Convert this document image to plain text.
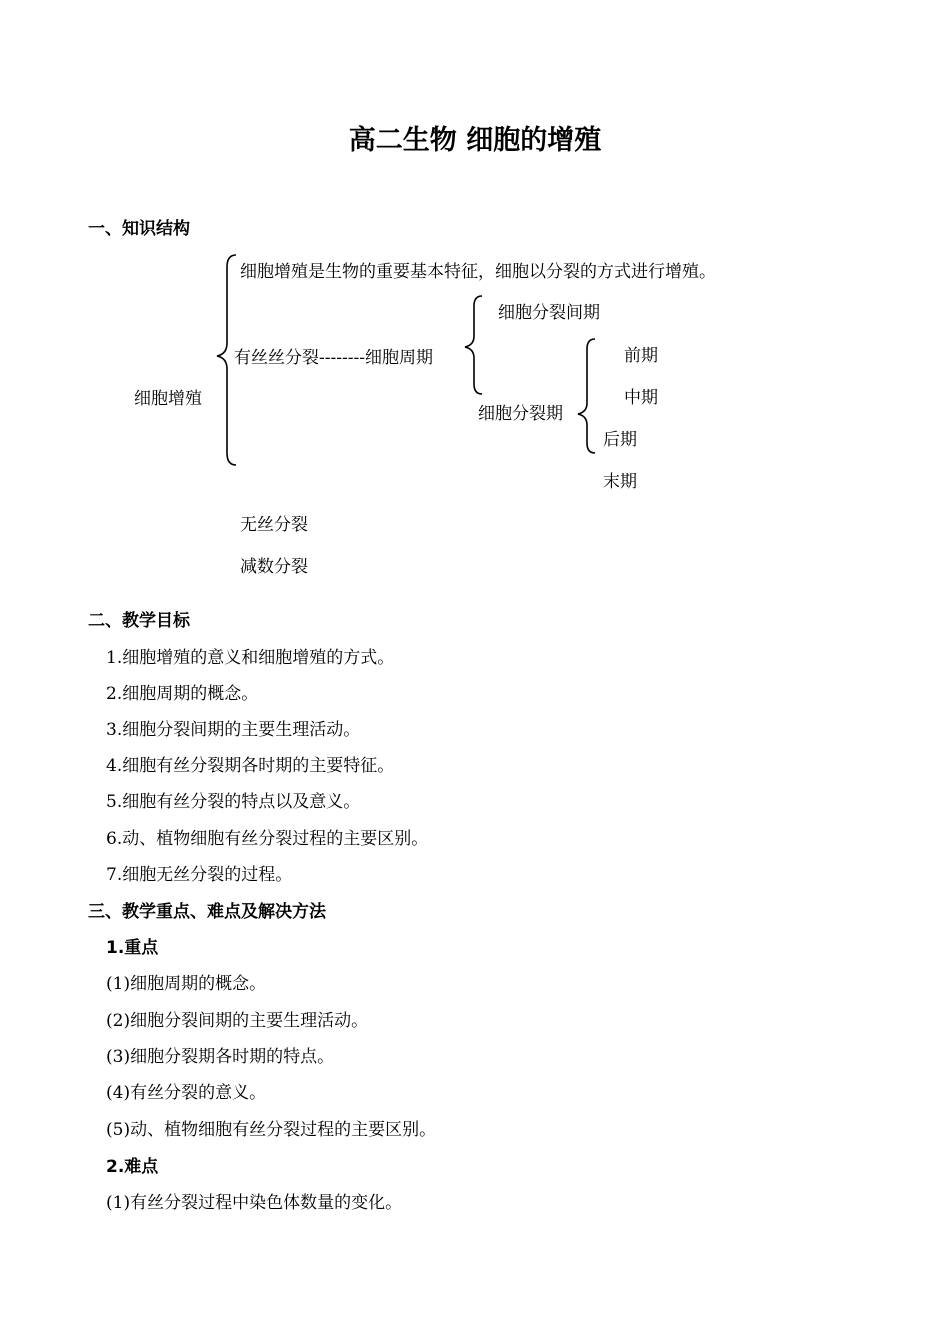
高二生物 细胞的增殖
一、知识结构
细胞增殖
细胞增殖是生物的重要基本特征，细胞以分裂的方式进行增殖。
有丝丝分裂--------细胞周期
细胞分裂间期
细胞分裂期
前期
中期
后期
末期
无丝分裂
减数分裂
二、教学目标
1.细胞增殖的意义和细胞增殖的方式。
2.细胞周期的概念。
3.细胞分裂间期的主要生理活动。
4.细胞有丝分裂期各时期的主要特征。
5.细胞有丝分裂的特点以及意义。
6.动、植物细胞有丝分裂过程的主要区别。
7.细胞无丝分裂的过程。
三、教学重点、难点及解决方法
1.重点
(1)细胞周期的概念。
(2)细胞分裂间期的主要生理活动。
(3)细胞分裂期各时期的特点。
(4)有丝分裂的意义。
(5)动、植物细胞有丝分裂过程的主要区别。
2.难点
(1)有丝分裂过程中染色体数量的变化。
